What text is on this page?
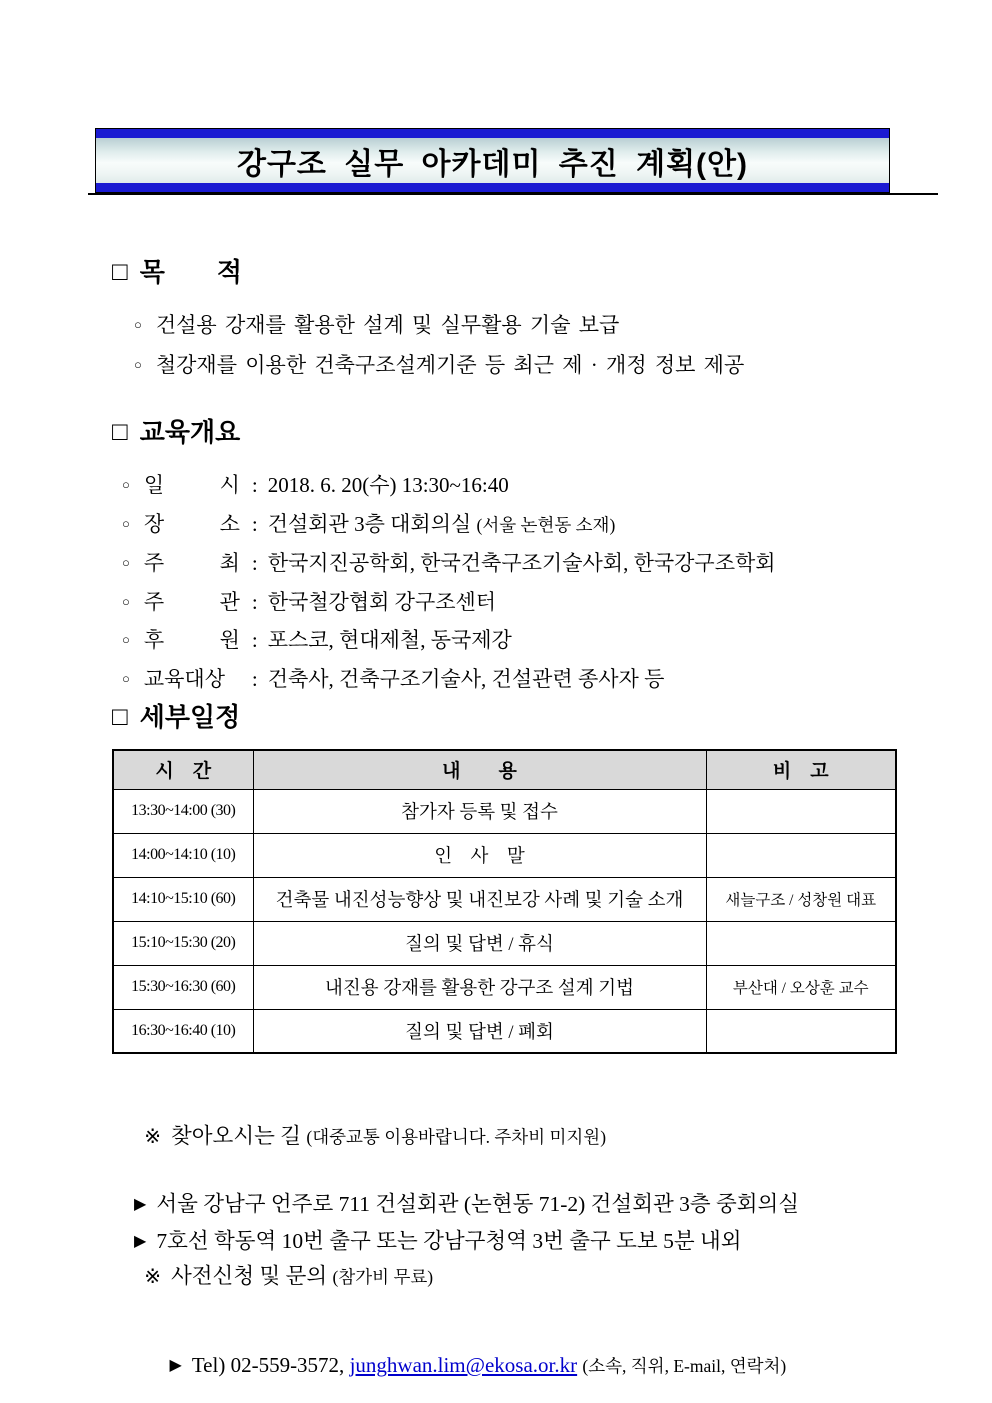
강구조 실무 아카데미 추진 계획(안)
□ 목　　적
○ 건설용 강재를 활용한 설계 및 실무활용 기술 보급
○ 철강재를 이용한 건축구조설계기준 등 최근 제 · 개정 정보 제공
□ 교육개요
○ 일 시 : 2018. 6. 20(수) 13:30~16:40
○ 장 소 : 건설회관 3층 대회의실 (서울 논현동 소재)
○ 주 최 : 한국지진공학회, 한국건축구조기술사회, 한국강구조학회
○ 주 관 : 한국철강협회 강구조센터
○ 후 원 : 포스코, 현대제철, 동국제강
○ 교육대상 : 건축사, 건축구조기술사, 건설관련 종사자 등
□ 세부일정
시　간	내　　용	비　고
13:30~14:00 (30)	참가자 등록 및 접수	
14:00~14:10 (10)	인　사　말	
14:10~15:10 (60)	건축물 내진성능향상 및 내진보강 사례 및 기술 소개	새늘구조 / 성창원 대표
15:10~15:30 (20)	질의 및 답변 / 휴식	
15:30~16:30 (60)	내진용 강재를 활용한 강구조 설계 기법	부산대 / 오상훈 교수
16:30~16:40 (10)	질의 및 답변 / 폐회	

※ 찾아오시는 길 (대중교통 이용바랍니다. 주차비 미지원)

▶ 서울 강남구 언주로 711 건설회관 (논현동 71-2) 건설회관 3층 중회의실
▶ 7호선 학동역 10번 출구 또는 강남구청역 3번 출구 도보 5분 내외

※ 사전신청 및 문의 (참가비 무료)

▶ Tel) 02-559-3572, junghwan.lim@ekosa.or.kr (소속, 직위, E-mail, 연락처)
